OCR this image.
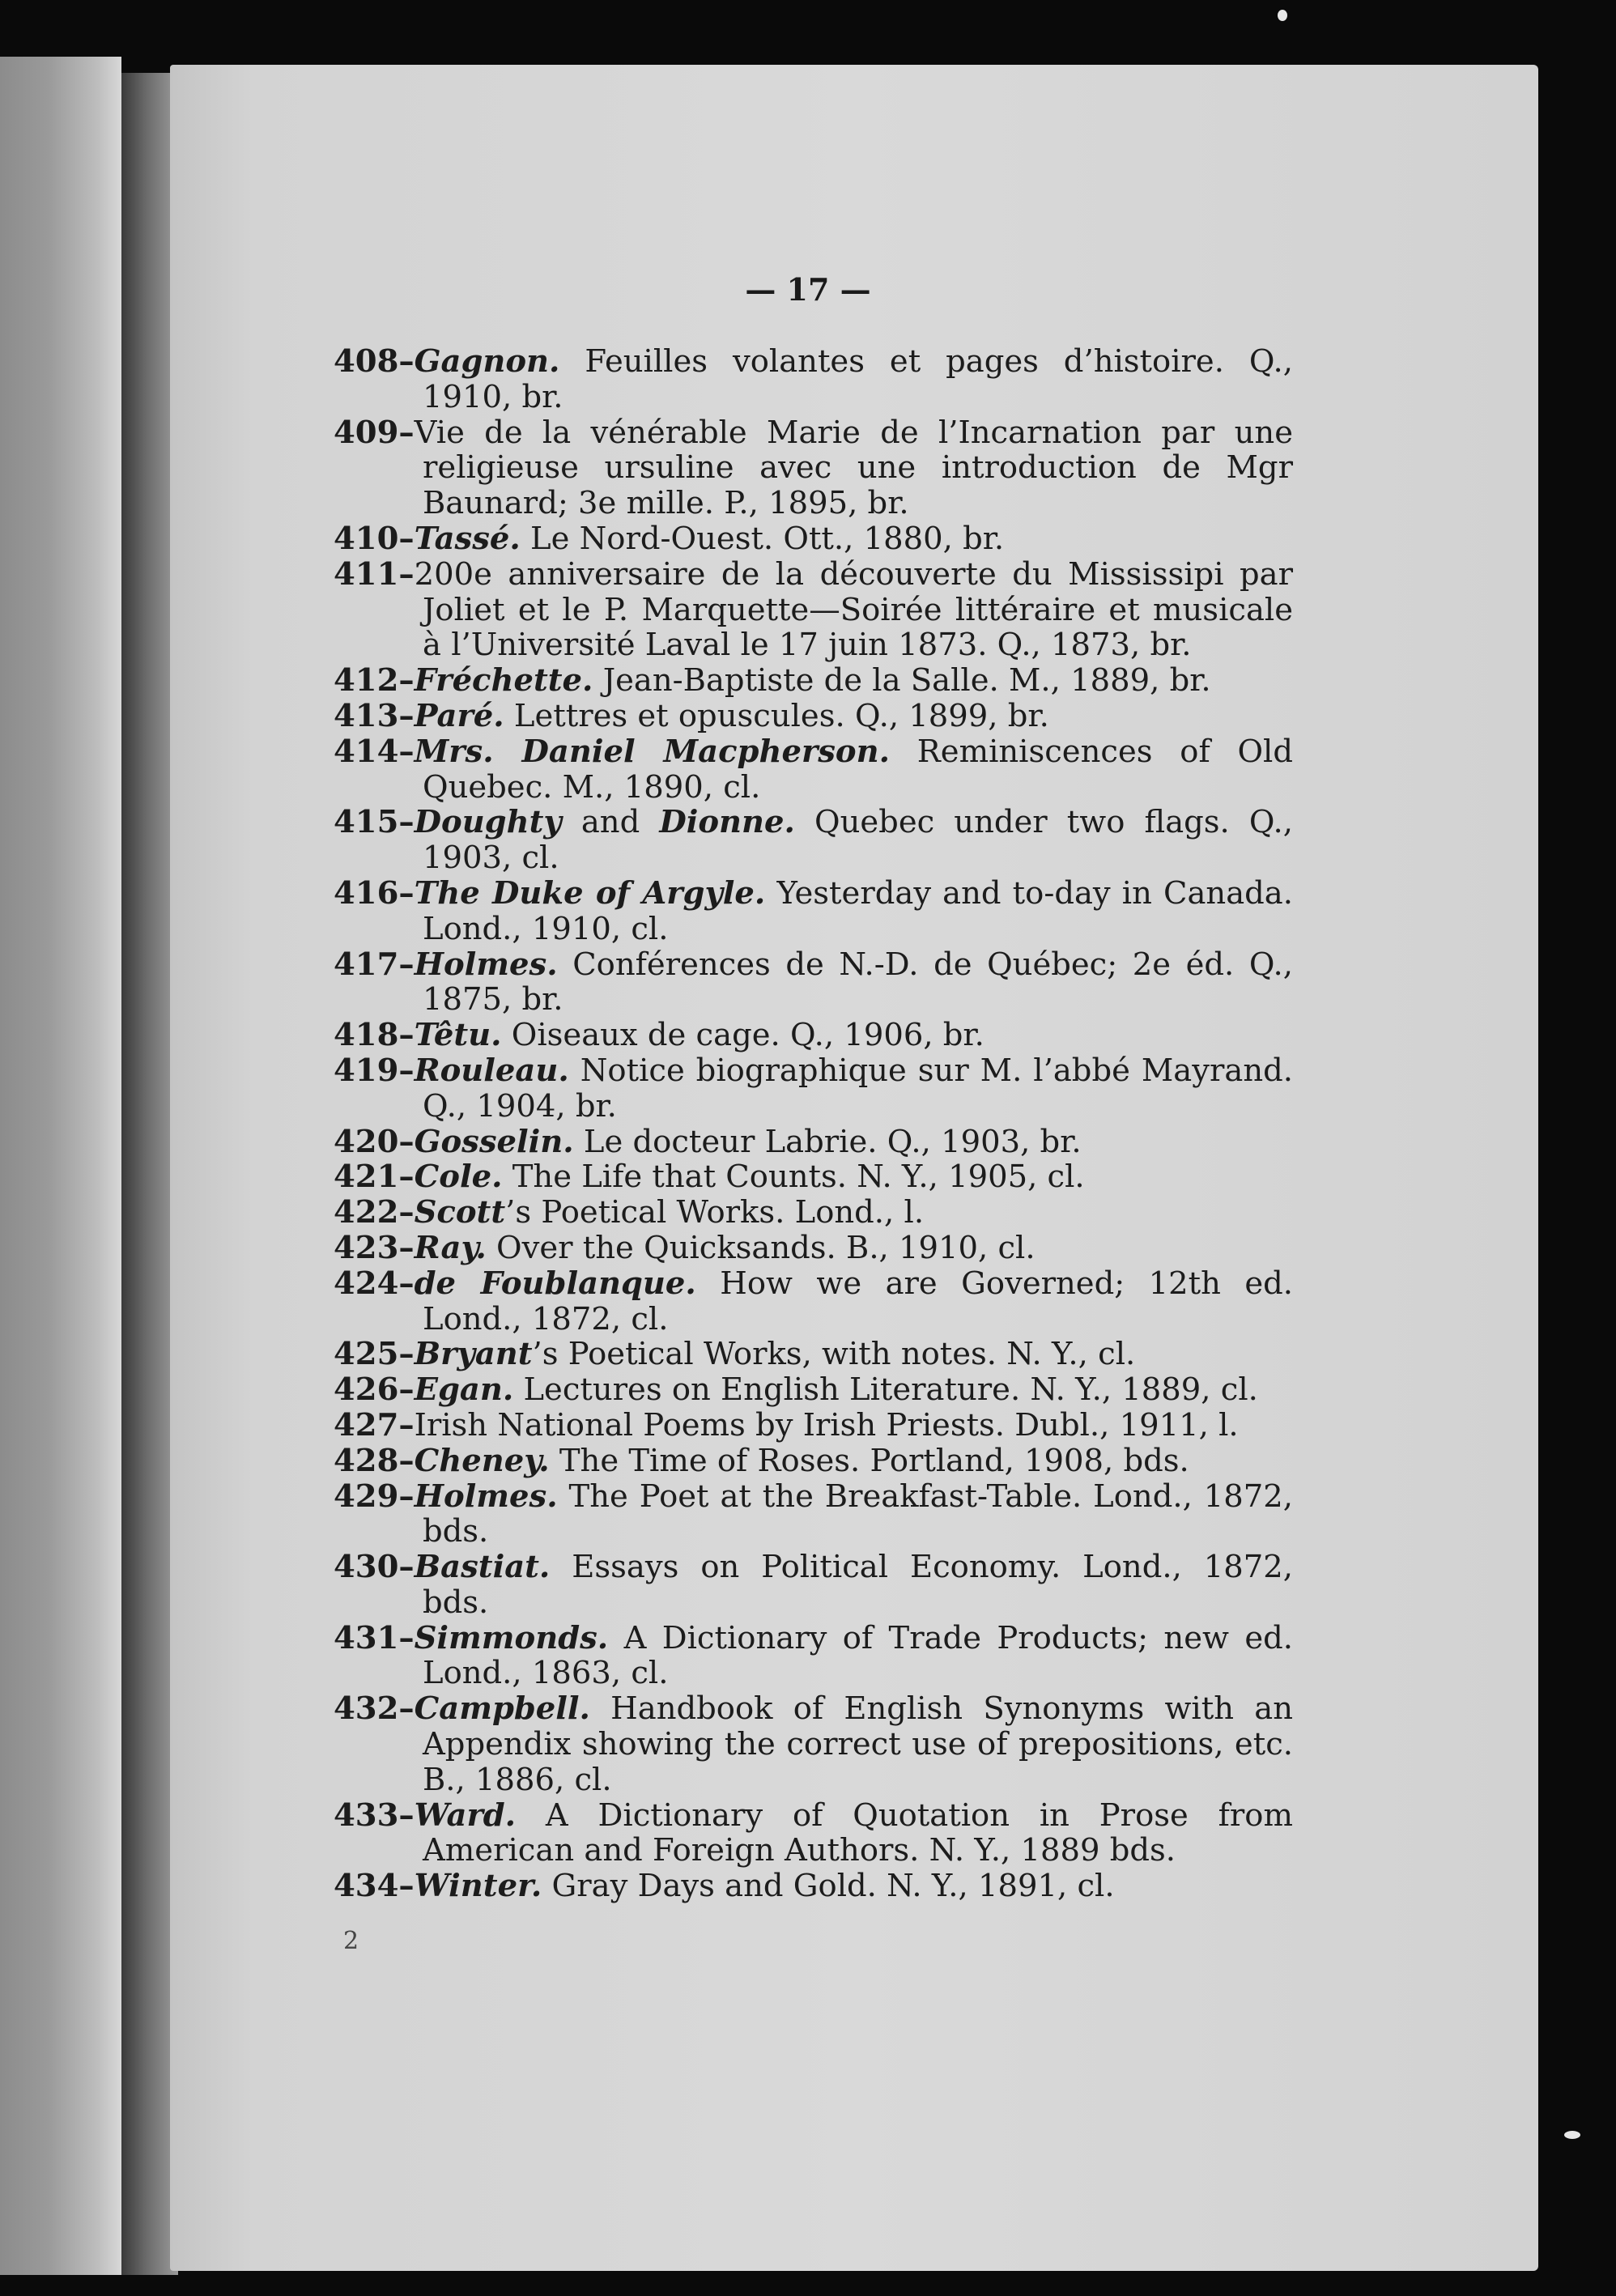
— 17 —
408–Gagnon. Feuilles volantes et pages d’histoire. Q., 1910, br.
409–Vie de la vénérable Marie de l’Incarnation par une religieuse ursuline avec une introduction de Mgr Baunard; 3e mille. P., 1895, br.
410–Tassé. Le Nord-Ouest. Ott., 1880, br.
411–200e anniversaire de la découverte du Mississipi par Joliet et le P. Marquette—Soirée littéraire et musicale à l’Université Laval le 17 juin 1873. Q., 1873, br.
412–Fréchette. Jean-Baptiste de la Salle. M., 1889, br.
413–Paré. Lettres et opuscules. Q., 1899, br.
414–Mrs. Daniel Macpherson. Reminiscences of Old Quebec. M., 1890, cl.
415–Doughty and Dionne. Quebec under two flags. Q., 1903, cl.
416–The Duke of Argyle. Yesterday and to-day in Canada. Lond., 1910, cl.
417–Holmes. Conférences de N.-D. de Québec; 2e éd. Q., 1875, br.
418–Têtu. Oiseaux de cage. Q., 1906, br.
419–Rouleau. Notice biographique sur M. l’abbé Mayrand. Q., 1904, br.
420–Gosselin. Le docteur Labrie. Q., 1903, br.
421–Cole. The Life that Counts. N. Y., 1905, cl.
422–Scott’s Poetical Works. Lond., l.
423–Ray. Over the Quicksands. B., 1910, cl.
424–de Foublanque. How we are Governed; 12th ed. Lond., 1872, cl.
425–Bryant’s Poetical Works, with notes. N. Y., cl.
426–Egan. Lectures on English Literature. N. Y., 1889, cl.
427–Irish National Poems by Irish Priests. Dubl., 1911, l.
428–Cheney. The Time of Roses. Portland, 1908, bds.
429–Holmes. The Poet at the Breakfast-Table. Lond., 1872, bds.
430–Bastiat. Essays on Political Economy. Lond., 1872, bds.
431–Simmonds. A Dictionary of Trade Products; new ed. Lond., 1863, cl.
432–Campbell. Handbook of English Synonyms with an Appendix showing the correct use of prepositions, etc. B., 1886, cl.
433–Ward. A Dictionary of Quotation in Prose from American and Foreign Authors. N. Y., 1889 bds.
434–Winter. Gray Days and Gold. N. Y., 1891, cl.
2
